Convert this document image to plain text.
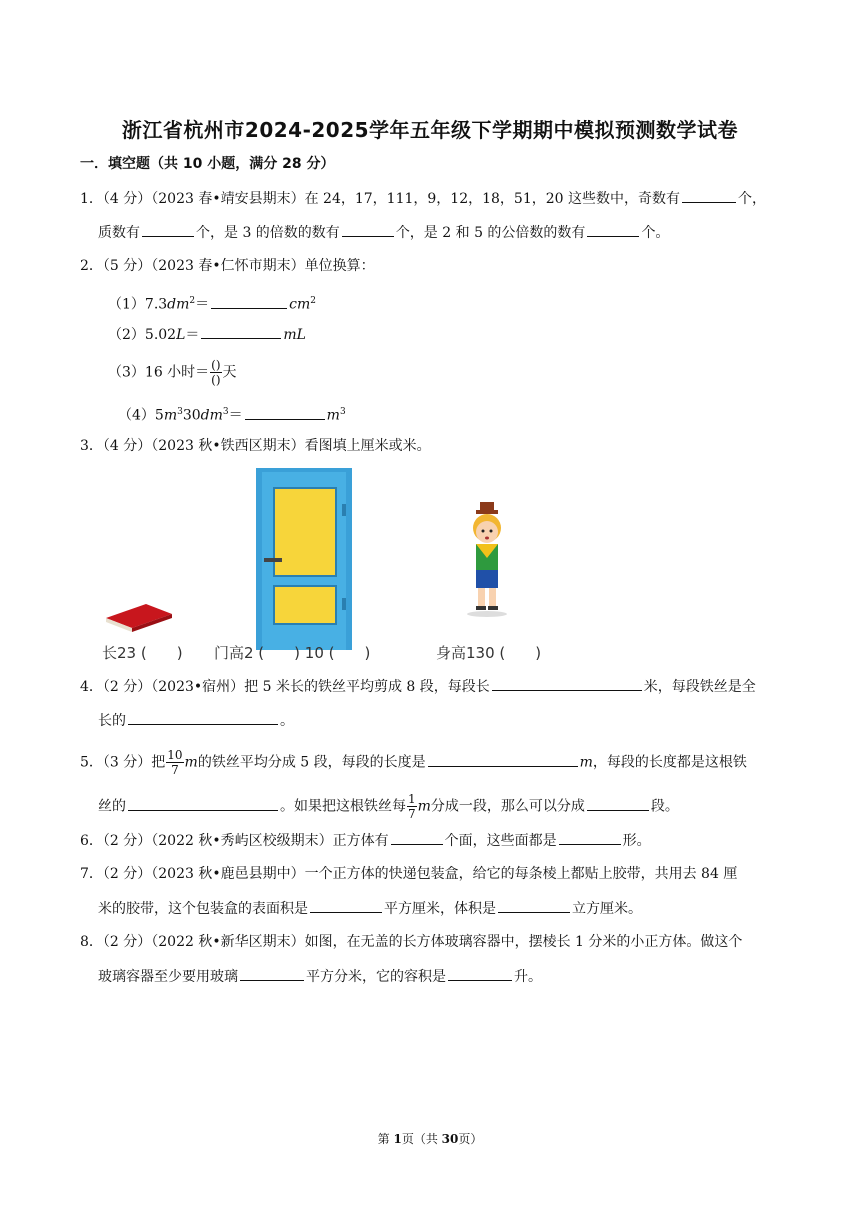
浙江省杭州市2024-2025学年五年级下学期期中模拟预测数学试卷
一．填空题（共 10 小题，满分 28 分）
1．（4 分）（2023 春•靖安县期末）在 24，17，111，9，12，18，51，20 这些数中，奇数有	个，
质数有	个，是 3 的倍数的数有	个，是 2 和 5 的公倍数的数有	个。
2．（5 分）（2023 春•仁怀市期末）单位换算：
$(1)7.3dm^2=$	$cm^2$
（2）5.02L＝	mL
（3）16 小时＝ $\frac{()}{()}$ 天
$(4)5m^330dm^3=$	$m^3$
3．（4 分）（2023 秋•铁西区期末）看图填上厘米或米。
长23 (　　) 门高2 (　　) 10 (　　)	身高130 (　　)
4．（2 分）（2023•宿州）把 5 米长的铁丝平均剪成 8 段，每段长	米，每段铁丝是全
长的	。
5．（3 分）把 $\frac{10}{7}$ m的铁丝平均分成 5 段，每段的长度是	m，每段的长度都是这根铁
丝的	。如果把这根铁丝每 $\frac{1}{7}$ m分成一段，那么可以分成	段。
6．（2 分）（2022 秋•秀屿区校级期末）正方体有	个面，这些面都是	形。
7．（2 分）（2023 秋•鹿邑县期中）一个正方体的快递包装盒，给它的每条棱上都贴上胶带，共用去 84 厘
米的胶带，这个包装盒的表面积是	平方厘米，体积是	立方厘米。
8．（2 分）（2022 秋•新华区期末）如图，在无盖的长方体玻璃容器中，摆棱长 1 分米的小正方体。做这个
玻璃容器至少要用玻璃	平方分米，它的容积是	升。
第 1页（共 30页）
